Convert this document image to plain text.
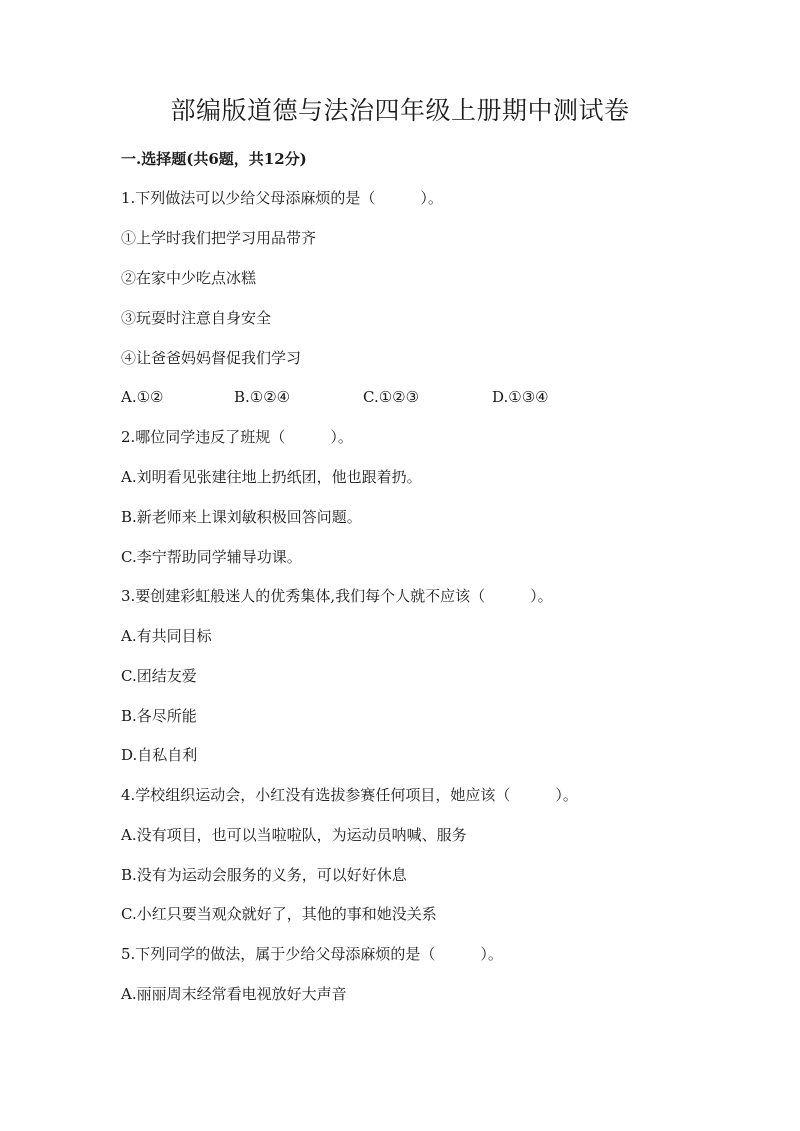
部编版道德与法治四年级上册期中测试卷
一.选择题(共6题，共12分)
1.下列做法可以少给父母添麻烦的是（　　　）。
①上学时我们把学习用品带齐
②在家中少吃点冰糕
③玩耍时注意自身安全
④让爸爸妈妈督促我们学习
A.①②	B.①②④	C.①②③	D.①③④
2.哪位同学违反了班规（　　　）。
A.刘明看见张建往地上扔纸团，他也跟着扔。
B.新老师来上课刘敏积极回答问题。
C.李宁帮助同学辅导功课。
3.要创建彩虹般迷人的优秀集体,我们每个人就不应该（　　　）。
A.有共同目标
C.团结友爱
B.各尽所能
D.自私自利
4.学校组织运动会，小红没有选拔参赛任何项目，她应该（　　　）。
A.没有项目，也可以当啦啦队，为运动员呐喊、服务
B.没有为运动会服务的义务，可以好好休息
C.小红只要当观众就好了，其他的事和她没关系
5.下列同学的做法，属于少给父母添麻烦的是（　　　）。
A.丽丽周末经常看电视放好大声音
